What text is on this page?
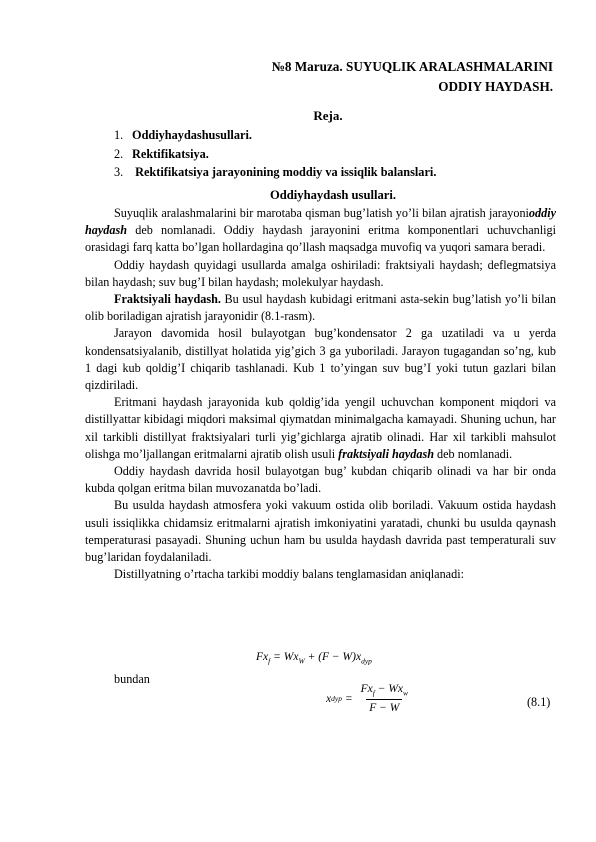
№8 Maruza. SUYUQLIK ARALASHMALARINI
ODDIY HAYDASH.
Reja.
1. Oddiyhaydashusullari.
2. Rektifikatsiya.
3. Rektifikatsiya jarayonining moddiy va issiqlik balanslari.
Oddiyhaydash usullari.

Suyuqlik aralashmalarini bir marotaba qisman bug’latish yo’li bilan ajratish jarayonioddiy haydash deb nomlanadi. Oddiy haydash jarayonini eritma komponentlari uchuvchanligi orasidagi farq katta bo’lgan hollardagina qo’llash maqsadga muvofiq va yuqori samara beradi.

Oddiy haydash quyidagi usullarda amalga oshiriladi: fraktsiyali haydash; deflegmatsiya bilan haydash; suv bug’I bilan haydash; molekulyar haydash.

Fraktsiyali haydash. Bu usul haydash kubidagi eritmani asta-sekin bug’latish yo’li bilan olib boriladigan ajratish jarayonidir (8.1-rasm).

Jarayon davomida hosil bulayotgan bug’kondensator 2 ga uzatiladi va u yerda kondensatsiyalanib, distillyat holatida yig’gich 3 ga yuboriladi. Jarayon tugagandan so’ng, kub 1 dagi kub qoldig’I chiqarib tashlanadi. Kub 1 to’yingan suv bug’I yoki tutun gazlari bilan qizdiriladi.

Eritmani haydash jarayonida kub qoldig’ida yengil uchuvchan komponent miqdori va distillyattar kibidagi miqdori maksimal qiymatdan minimalgacha kamayadi. Shuning uchun, har xil tarkibli distillyat fraktsiyalari turli yig’gichlarga ajratib olinadi. Har xil tarkibli mahsulot olishga mo’ljallangan eritmalarni ajratib olish usuli fraktsiyali haydash deb nomlanadi.

Oddiy haydash davrida hosil bulayotgan bug’ kubdan chiqarib olinadi va har bir onda kubda qolgan eritma bilan muvozanatda bo’ladi.

Bu usulda haydash atmosfera yoki vakuum ostida olib boriladi. Vakuum ostida haydash usuli issiqlikka chidamsiz eritmalarni ajratish imkoniyatini yaratadi, chunki bu usulda qaynash temperaturasi pasayadi. Shuning uchun ham bu usulda haydash davrida past temperaturali suv bug’laridan foydalaniladi.

Distillyatning o’rtacha tarkibi moddiy balans tenglamasidan aniqlanadi:

$Fx_f = Wx_W + (F - W)x_{dyp}$
bundan
x dyp = $\frac{Fx_f - Wx_w}{F - W}$	(8.1)
